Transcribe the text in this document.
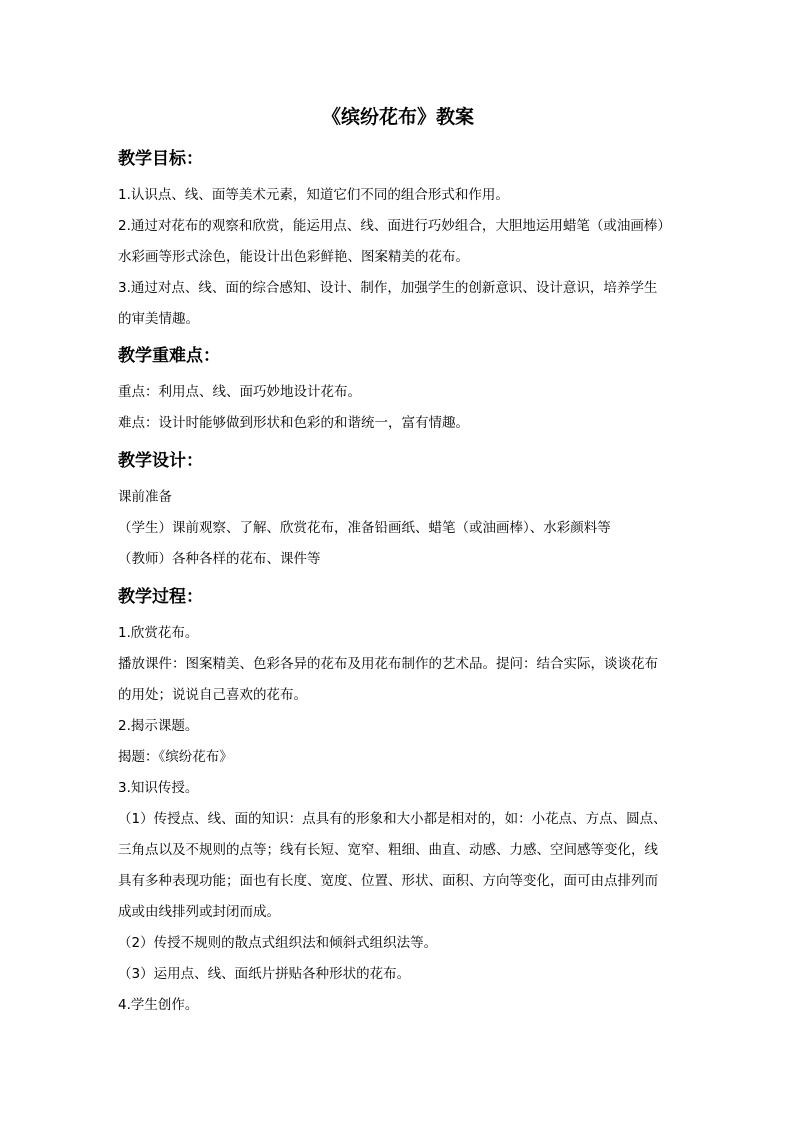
《缤纷花布》教案
教学目标：
1.认识点、线、面等美术元素，知道它们不同的组合形式和作用。
2.通过对花布的观察和欣赏，能运用点、线、面进行巧妙组合，大胆地运用蜡笔（或油画棒）
水彩画等形式涂色，能设计出色彩鲜艳、图案精美的花布。
3.通过对点、线、面的综合感知、设计、制作，加强学生的创新意识、设计意识，培养学生
的审美情趣。
教学重难点：
重点：利用点、线、面巧妙地设计花布。
难点：设计时能够做到形状和色彩的和谐统一，富有情趣。
教学设计：
课前准备
（学生）课前观察、了解、欣赏花布，准备铅画纸、蜡笔（或油画棒）、水彩颜料等
（教师）各种各样的花布、课件等
教学过程：
1.欣赏花布。
播放课件：图案精美、色彩各异的花布及用花布制作的艺术品。提问：结合实际，谈谈花布
的用处；说说自己喜欢的花布。
2.揭示课题。
揭题：《缤纷花布》
3.知识传授。
（1）传授点、线、面的知识：点具有的形象和大小都是相对的，如：小花点、方点、圆点、
三角点以及不规则的点等；线有长短、宽窄、粗细、曲直、动感、力感、空间感等变化，线
具有多种表现功能；面也有长度、宽度、位置、形状、面积、方向等变化，面可由点排列而
成或由线排列或封闭而成。
（2）传授不规则的散点式组织法和倾斜式组织法等。
（3）运用点、线、面纸片拼贴各种形状的花布。
4.学生创作。
